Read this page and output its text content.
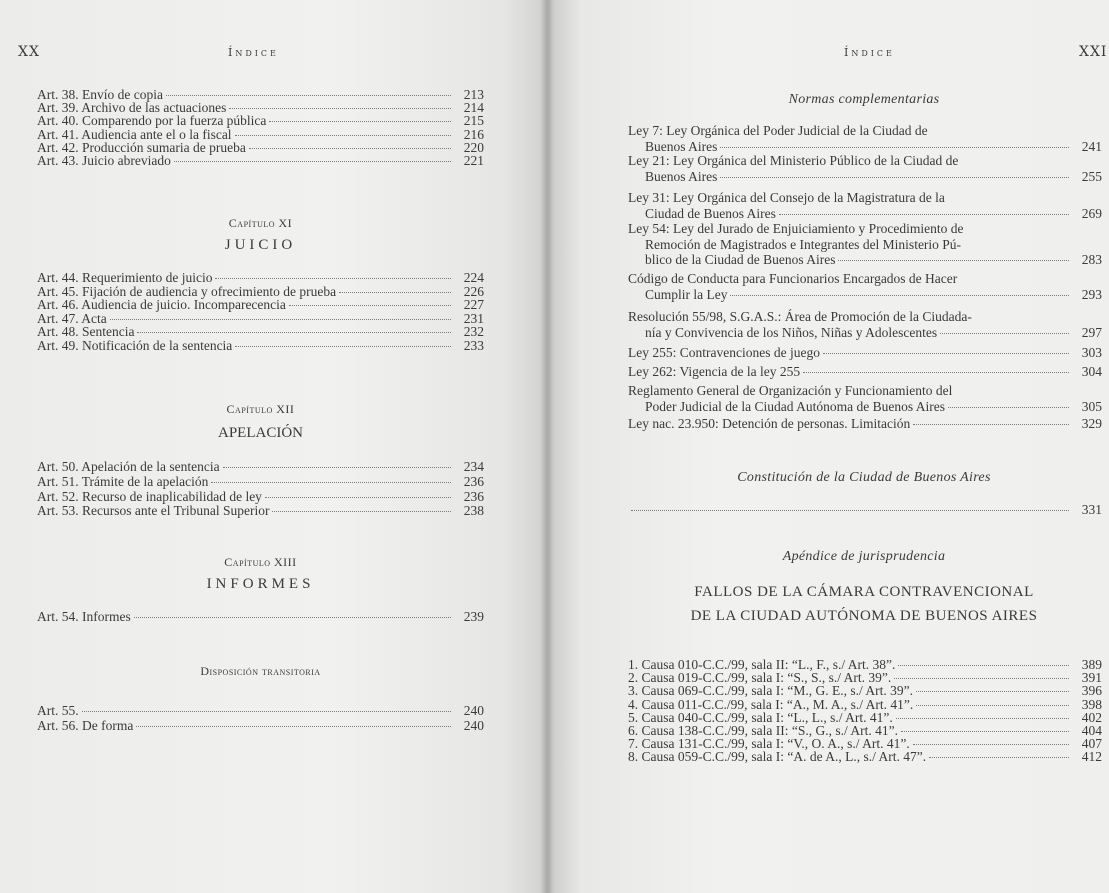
XX	Índice
Art. 38. Envío de copia	213
Art. 39. Archivo de las actuaciones	214
Art. 40. Comparendo por la fuerza pública	215
Art. 41. Audiencia ante el o la fiscal	216
Art. 42. Producción sumaria de prueba	220
Art. 43. Juicio abreviado	221
Capítulo XI
JUICIO
Art. 44. Requerimiento de juicio	224
Art. 45. Fijación de audiencia y ofrecimiento de prueba	226
Art. 46. Audiencia de juicio. Incomparecencia	227
Art. 47. Acta	231
Art. 48. Sentencia	232
Art. 49. Notificación de la sentencia	233
Capítulo XII
APELACIÓN
Art. 50. Apelación de la sentencia	234
Art. 51. Trámite de la apelación	236
Art. 52. Recurso de inaplicabilidad de ley	236
Art. 53. Recursos ante el Tribunal Superior	238
Capítulo XIII
INFORMES
Art. 54. Informes	239
Disposición transitoria
Art. 55.	240
Art. 56. De forma	240
Índice	XXI
Normas complementarias
Ley 7: Ley Orgánica del Poder Judicial de la Ciudad de
Buenos Aires	241
Ley 21: Ley Orgánica del Ministerio Público de la Ciudad de
Buenos Aires	255
Ley 31: Ley Orgánica del Consejo de la Magistratura de la
Ciudad de Buenos Aires	269
Ley 54: Ley del Jurado de Enjuiciamiento y Procedimiento de
Remoción de Magistrados e Integrantes del Ministerio Pú-
blico de la Ciudad de Buenos Aires	283
Código de Conducta para Funcionarios Encargados de Hacer
Cumplir la Ley	293
Resolución 55/98, S.G.A.S.: Área de Promoción de la Ciudada-
nía y Convivencia de los Niños, Niñas y Adolescentes	297
Ley 255: Contravenciones de juego	303
Ley 262: Vigencia de la ley 255	304
Reglamento General de Organización y Funcionamiento del
Poder Judicial de la Ciudad Autónoma de Buenos Aires	305
Ley nac. 23.950: Detención de personas. Limitación	329
Constitución de la Ciudad de Buenos Aires
331
Apéndice de jurisprudencia
FALLOS DE LA CÁMARA CONTRAVENCIONAL
DE LA CIUDAD AUTÓNOMA DE BUENOS AIRES
1. Causa 010-C.C./99, sala II: “L., F., s./ Art. 38”.	389
2. Causa 019-C.C./99, sala I: “S., S., s./ Art. 39”.	391
3. Causa 069-C.C./99, sala I: “M., G. E., s./ Art. 39”.	396
4. Causa 011-C.C./99, sala I: “A., M. A., s./ Art. 41”.	398
5. Causa 040-C.C./99, sala I: “L., L., s./ Art. 41”.	402
6. Causa 138-C.C./99, sala II: “S., G., s./ Art. 41”.	404
7. Causa 131-C.C./99, sala I: “V., O. A., s./ Art. 41”.	407
8. Causa 059-C.C./99, sala I: “A. de A., L., s./ Art. 47”.	412
